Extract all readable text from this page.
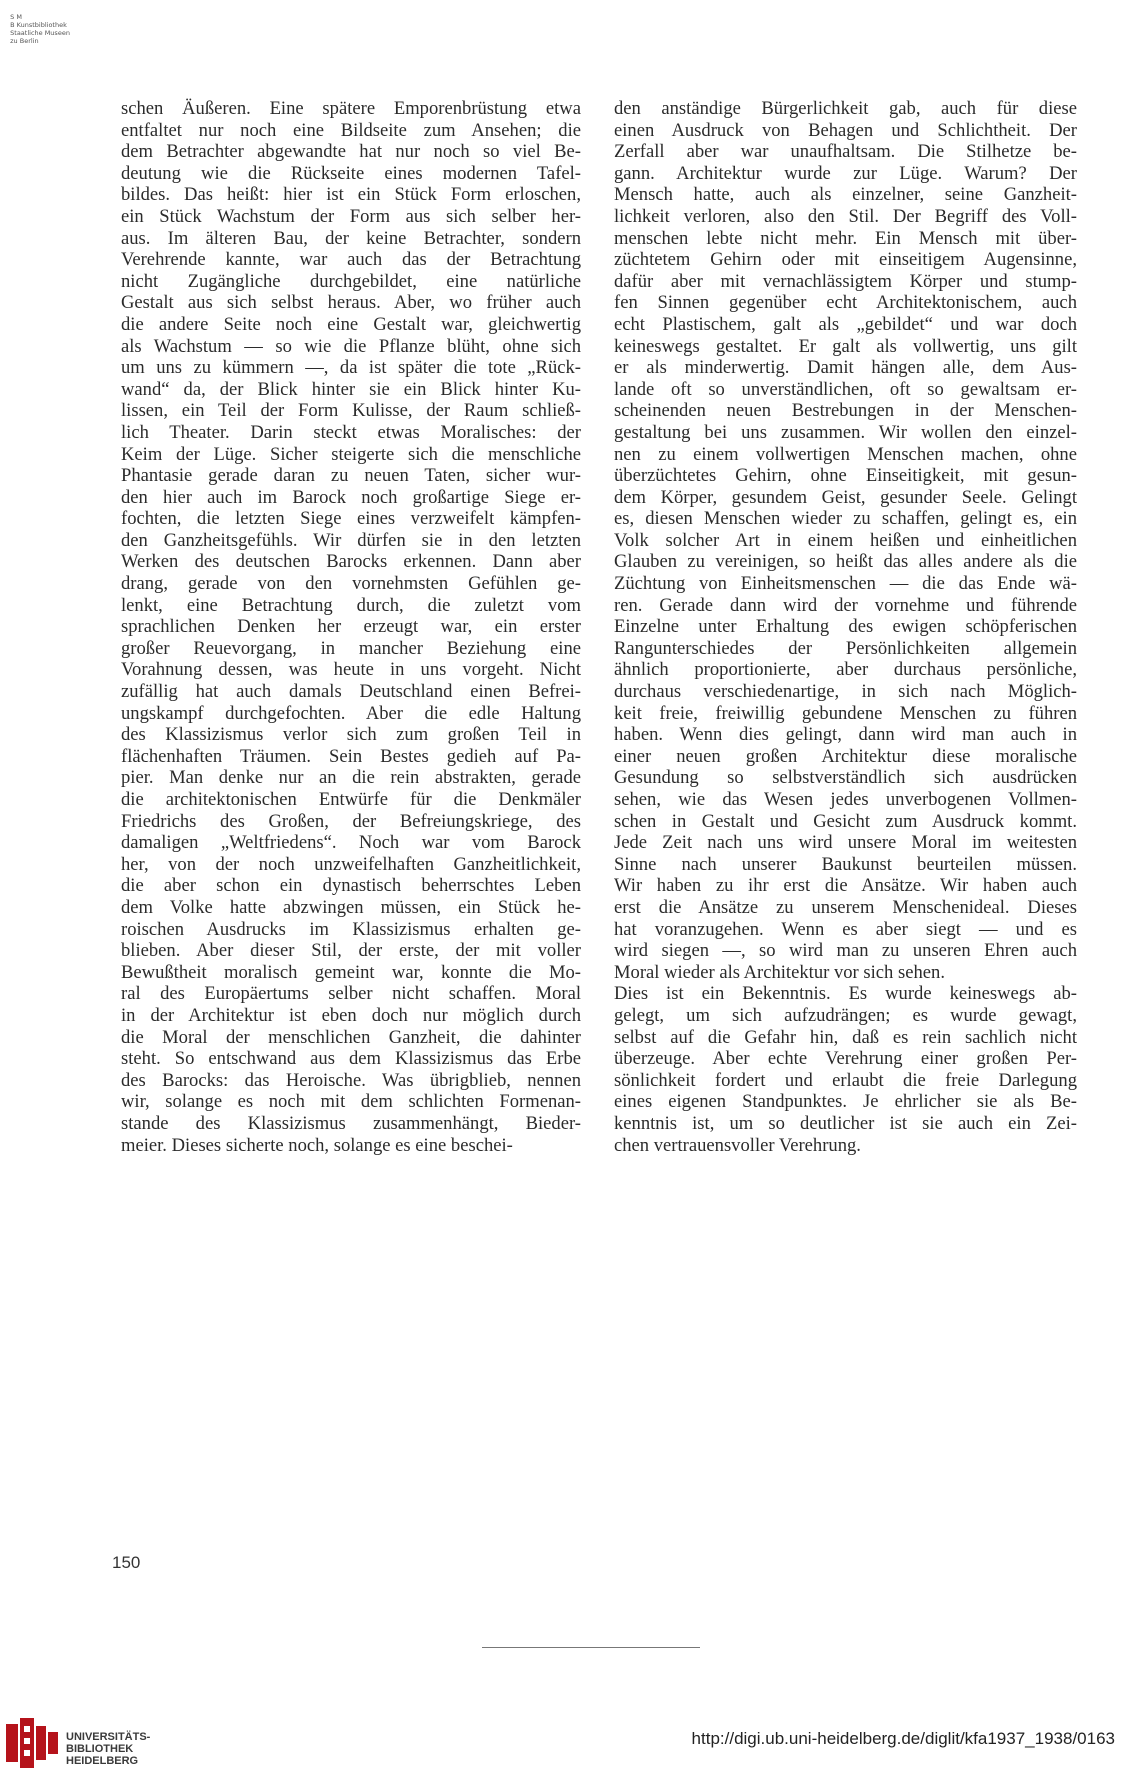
S M
B Kunstbibliothek
Staatliche Museen
zu Berlin

schen Äußeren. Eine spätere Emporenbrüstung etwa
entfaltet nur noch eine Bildseite zum Ansehen; die
dem Betrachter abgewandte hat nur noch so viel Be-
deutung wie die Rückseite eines modernen Tafel-
bildes. Das heißt: hier ist ein Stück Form erloschen,
ein Stück Wachstum der Form aus sich selber her-
aus. Im älteren Bau, der keine Betrachter, sondern
Verehrende kannte, war auch das der Betrachtung
nicht Zugängliche durchgebildet, eine natürliche
Gestalt aus sich selbst heraus. Aber, wo früher auch
die andere Seite noch eine Gestalt war, gleichwertig
als Wachstum — so wie die Pflanze blüht, ohne sich
um uns zu kümmern —, da ist später die tote „Rück-
wand“ da, der Blick hinter sie ein Blick hinter Ku-
lissen, ein Teil der Form Kulisse, der Raum schließ-
lich Theater. Darin steckt etwas Moralisches: der
Keim der Lüge. Sicher steigerte sich die menschliche
Phantasie gerade daran zu neuen Taten, sicher wur-
den hier auch im Barock noch großartige Siege er-
fochten, die letzten Siege eines verzweifelt kämpfen-
den Ganzheitsgefühls. Wir dürfen sie in den letzten
Werken des deutschen Barocks erkennen. Dann aber
drang, gerade von den vornehmsten Gefühlen ge-
lenkt, eine Betrachtung durch, die zuletzt vom
sprachlichen Denken her erzeugt war, ein erster
großer Reuevorgang, in mancher Beziehung eine
Vorahnung dessen, was heute in uns vorgeht. Nicht
zufällig hat auch damals Deutschland einen Befrei-
ungskampf durchgefochten. Aber die edle Haltung
des Klassizismus verlor sich zum großen Teil in
flächenhaften Träumen. Sein Bestes gedieh auf Pa-
pier. Man denke nur an die rein abstrakten, gerade
die architektonischen Entwürfe für die Denkmäler
Friedrichs des Großen, der Befreiungskriege, des
damaligen „Weltfriedens“. Noch war vom Barock
her, von der noch unzweifelhaften Ganzheitlichkeit,
die aber schon ein dynastisch beherrschtes Leben
dem Volke hatte abzwingen müssen, ein Stück he-
roischen Ausdrucks im Klassizismus erhalten ge-
blieben. Aber dieser Stil, der erste, der mit voller
Bewußtheit moralisch gemeint war, konnte die Mo-
ral des Europäertums selber nicht schaffen. Moral
in der Architektur ist eben doch nur möglich durch
die Moral der menschlichen Ganzheit, die dahinter
steht. So entschwand aus dem Klassizismus das Erbe
des Barocks: das Heroische. Was übrigblieb, nennen
wir, solange es noch mit dem schlichten Formenan-
stande des Klassizismus zusammenhängt, Bieder-
meier. Dieses sicherte noch, solange es eine beschei-
den anständige Bürgerlichkeit gab, auch für diese
einen Ausdruck von Behagen und Schlichtheit. Der
Zerfall aber war unaufhaltsam. Die Stilhetze be-
gann. Architektur wurde zur Lüge. Warum? Der
Mensch hatte, auch als einzelner, seine Ganzheit-
lichkeit verloren, also den Stil. Der Begriff des Voll-
menschen lebte nicht mehr. Ein Mensch mit über-
züchtetem Gehirn oder mit einseitigem Augensinne,
dafür aber mit vernachlässigtem Körper und stump-
fen Sinnen gegenüber echt Architektonischem, auch
echt Plastischem, galt als „gebildet“ und war doch
keineswegs gestaltet. Er galt als vollwertig, uns gilt
er als minderwertig. Damit hängen alle, dem Aus-
lande oft so unverständlichen, oft so gewaltsam er-
scheinenden neuen Bestrebungen in der Menschen-
gestaltung bei uns zusammen. Wir wollen den einzel-
nen zu einem vollwertigen Menschen machen, ohne
überzüchtetes Gehirn, ohne Einseitigkeit, mit gesun-
dem Körper, gesundem Geist, gesunder Seele. Gelingt
es, diesen Menschen wieder zu schaffen, gelingt es, ein
Volk solcher Art in einem heißen und einheitlichen
Glauben zu vereinigen, so heißt das alles andere als die
Züchtung von Einheitsmenschen — die das Ende wä-
ren. Gerade dann wird der vornehme und führende
Einzelne unter Erhaltung des ewigen schöpferischen
Rangunterschiedes der Persönlichkeiten allgemein
ähnlich proportionierte, aber durchaus persönliche,
durchaus verschiedenartige, in sich nach Möglich-
keit freie, freiwillig gebundene Menschen zu führen
haben. Wenn dies gelingt, dann wird man auch in
einer neuen großen Architektur diese moralische
Gesundung so selbstverständlich sich ausdrücken
sehen, wie das Wesen jedes unverbogenen Vollmen-
schen in Gestalt und Gesicht zum Ausdruck kommt.
Jede Zeit nach uns wird unsere Moral im weitesten
Sinne nach unserer Baukunst beurteilen müssen.
Wir haben zu ihr erst die Ansätze. Wir haben auch
erst die Ansätze zu unserem Menschenideal. Dieses
hat voranzugehen. Wenn es aber siegt — und es
wird siegen —, so wird man zu unseren Ehren auch
Moral wieder als Architektur vor sich sehen.
Dies ist ein Bekenntnis. Es wurde keineswegs ab-
gelegt, um sich aufzudrängen; es wurde gewagt,
selbst auf die Gefahr hin, daß es rein sachlich nicht
überzeuge. Aber echte Verehrung einer großen Per-
sönlichkeit fordert und erlaubt die freie Darlegung
eines eigenen Standpunktes. Je ehrlicher sie als Be-
kenntnis ist, um so deutlicher ist sie auch ein Zei-
chen vertrauensvoller Verehrung.
150
UNIVERSITÄTS-
BIBLIOTHEK
HEIDELBERG
http://digi.ub.uni-heidelberg.de/diglit/kfa1937_1938/0163
